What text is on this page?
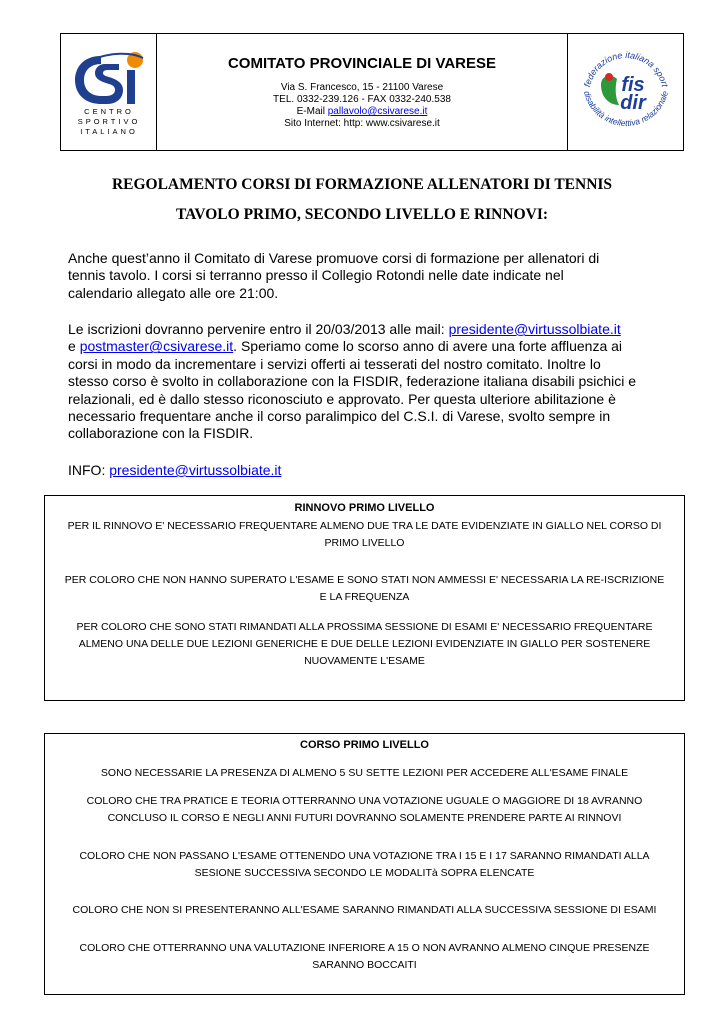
CENTRO
SPORTIVO
ITALIANO
COMITATO PROVINCIALE DI VARESE
Via S. Francesco, 15 - 21100 Varese
TEL. 0332-239.126 - FAX 0332-240.538
E-Mail pallavolo@csivarese.it
Sito Internet: http: www.csivarese.it
federazione italiana sport
disabilità intellettiva relazionale
fis
dir
REGOLAMENTO CORSI DI FORMAZIONE ALLENATORI DI TENNIS
TAVOLO PRIMO, SECONDO LIVELLO E RINNOVI:
Anche quest’anno il Comitato di Varese promuove corsi di formazione per allenatori di
tennis tavolo. I corsi si terranno presso il Collegio Rotondi nelle date indicate nel
calendario allegato alle ore 21:00.
Le iscrizioni dovranno pervenire entro il 20/03/2013 alle mail: presidente@virtussolbiate.it
e postmaster@csivarese.it. Speriamo come lo scorso anno di avere una forte affluenza ai
corsi in modo da incrementare i servizi offerti ai tesserati del nostro comitato. Inoltre lo
stesso corso è svolto in collaborazione con la FISDIR, federazione italiana disabili psichici e
relazionali, ed è dallo stesso riconosciuto e approvato. Per questa ulteriore abilitazione è
necessario frequentare anche il corso paralimpico del C.S.I. di Varese, svolto sempre in
collaborazione con la FISDIR.
INFO: presidente@virtussolbiate.it
RINNOVO PRIMO LIVELLO
PER IL RINNOVO E' NECESSARIO FREQUENTARE ALMENO DUE TRA LE DATE EVIDENZIATE IN GIALLO NEL CORSO DI
PRIMO LIVELLO
PER COLORO CHE NON HANNO SUPERATO L'ESAME E SONO STATI NON AMMESSI E' NECESSARIA LA RE-ISCRIZIONE
E LA FREQUENZA
PER COLORO CHE SONO STATI RIMANDATI ALLA PROSSIMA SESSIONE DI ESAMI E' NECESSARIO FREQUENTARE
ALMENO UNA DELLE DUE LEZIONI GENERICHE E DUE DELLE LEZIONI EVIDENZIATE IN GIALLO PER SOSTENERE
NUOVAMENTE L'ESAME
CORSO PRIMO LIVELLO
SONO NECESSARIE LA PRESENZA DI ALMENO 5 SU SETTE LEZIONI PER ACCEDERE ALL'ESAME FINALE
COLORO CHE TRA PRATICE E TEORIA OTTERRANNO UNA VOTAZIONE UGUALE O MAGGIORE DI 18 AVRANNO
CONCLUSO IL CORSO E NEGLI ANNI FUTURI DOVRANNO SOLAMENTE PRENDERE PARTE AI RINNOVI
COLORO CHE NON PASSANO L'ESAME OTTENENDO UNA VOTAZIONE TRA I 15 E I 17 SARANNO RIMANDATI ALLA
SESIONE SUCCESSIVA SECONDO LE MODALITà SOPRA ELENCATE
COLORO CHE NON SI PRESENTERANNO ALL'ESAME SARANNO RIMANDATI ALLA SUCCESSIVA SESSIONE DI ESAMI
COLORO CHE OTTERRANNO UNA VALUTAZIONE INFERIORE A 15 O NON AVRANNO ALMENO CINQUE PRESENZE
SARANNO BOCCAITI
